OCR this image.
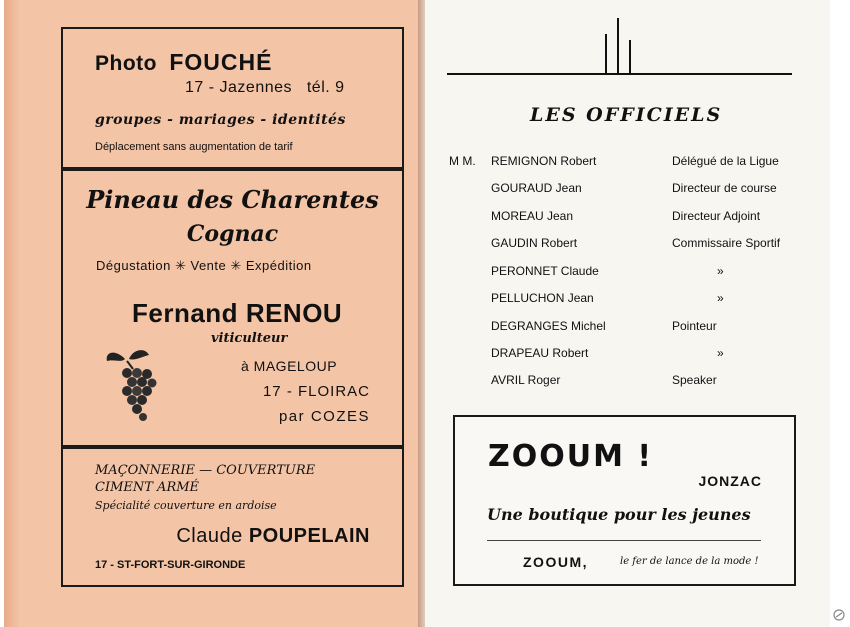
Photo FOUCHÉ
17 - Jazennes   tél. 9
groupes - mariages - identités
Déplacement sans augmentation de tarif
Pineau des Charentes
Cognac
Dégustation ✳ Vente ✳ Expédition
Fernand RENOU
viticulteur
à MAGELOUP
17 - FLOIRAC
par COZES
MAÇONNERIE — COUVERTURE
CIMENT ARMÉ
Spécialité couverture en ardoise
Claude POUPELAIN
17 - ST-FORT-SUR-GIRONDE
LES OFFICIELS
M M. REMIGNON Robert	Délégué de la Ligue
GOURAUD Jean	Directeur de course
MOREAU Jean	Directeur Adjoint
GAUDIN Robert	Commissaire Sportif
PERONNET Claude	»
PELLUCHON Jean	»
DEGRANGES Michel	Pointeur
DRAPEAU Robert	»
AVRIL Roger	Speaker
ZOOUM !
JONZAC
Une boutique pour les jeunes
ZOOUM,	le fer de lance de la mode !
